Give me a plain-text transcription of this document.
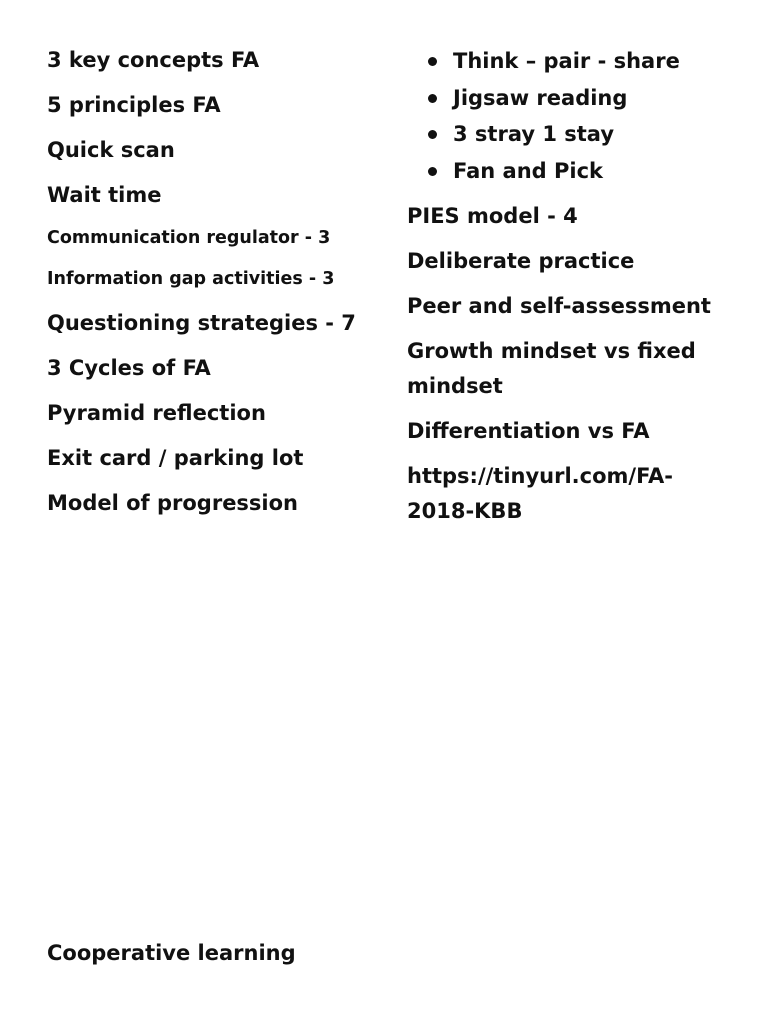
3 key concepts FA
5 principles FA
Quick scan
Wait time
Communication regulator - 3
Information gap activities - 3
Questioning strategies - 7
3 Cycles of FA
Pyramid reflection
Exit card / parking lot
Model of progression
Think – pair - share
Jigsaw reading
3 stray 1 stay
Fan and Pick
PIES model - 4
Deliberate practice
Peer and self-assessment
Growth mindset vs fixed
mindset
Differentiation vs FA
https://tinyurl.com/FA-
2018-KBB
Cooperative learning
